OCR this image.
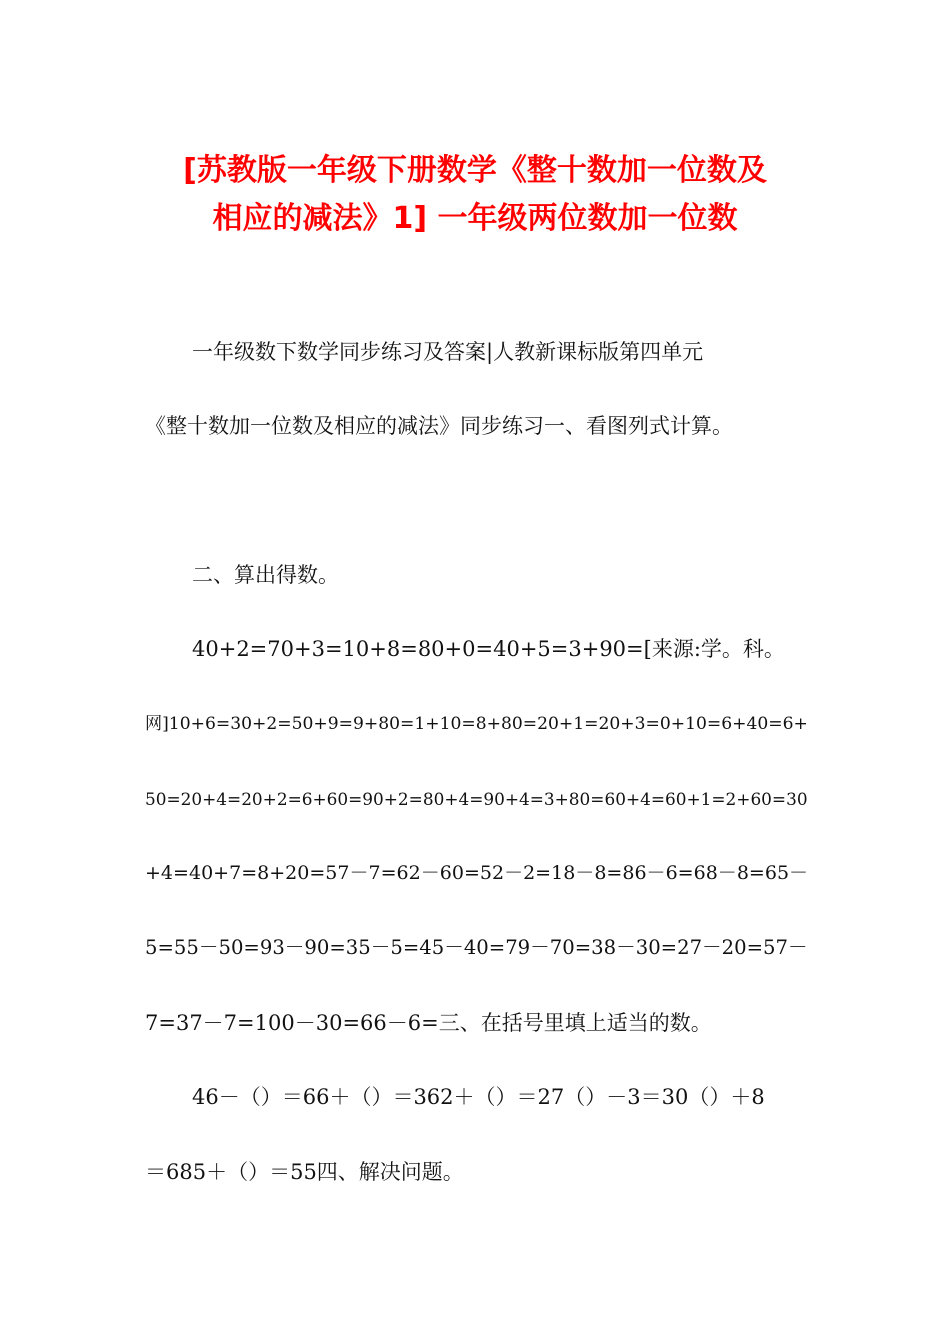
[苏教版一年级下册数学《整十数加一位数及
相应的减法》1] 一年级两位数加一位数
一年级数下数学同步练习及答案|人教新课标版第四单元
《整十数加一位数及相应的减法》同步练习一、看图列式计算。
二、算出得数。
40+2=70+3=10+8=80+0=40+5=3+90=[来源:学。科。
网]10+6=30+2=50+9=9+80=1+10=8+80=20+1=20+3=0+10=6+40=6+
50=20+4=20+2=6+60=90+2=80+4=90+4=3+80=60+4=60+1=2+60=30
+4=40+7=8+20=57－7=62－60=52－2=18－8=86－6=68－8=65－
5=55－50=93－90=35－5=45－40=79－70=38－30=27－20=57－
7=37－7=100－30=66－6=三、在括号里填上适当的数。
46－（）＝66＋（）＝362＋（）＝27（）－3＝30（）＋8
＝685＋（）＝55四、解决问题。
